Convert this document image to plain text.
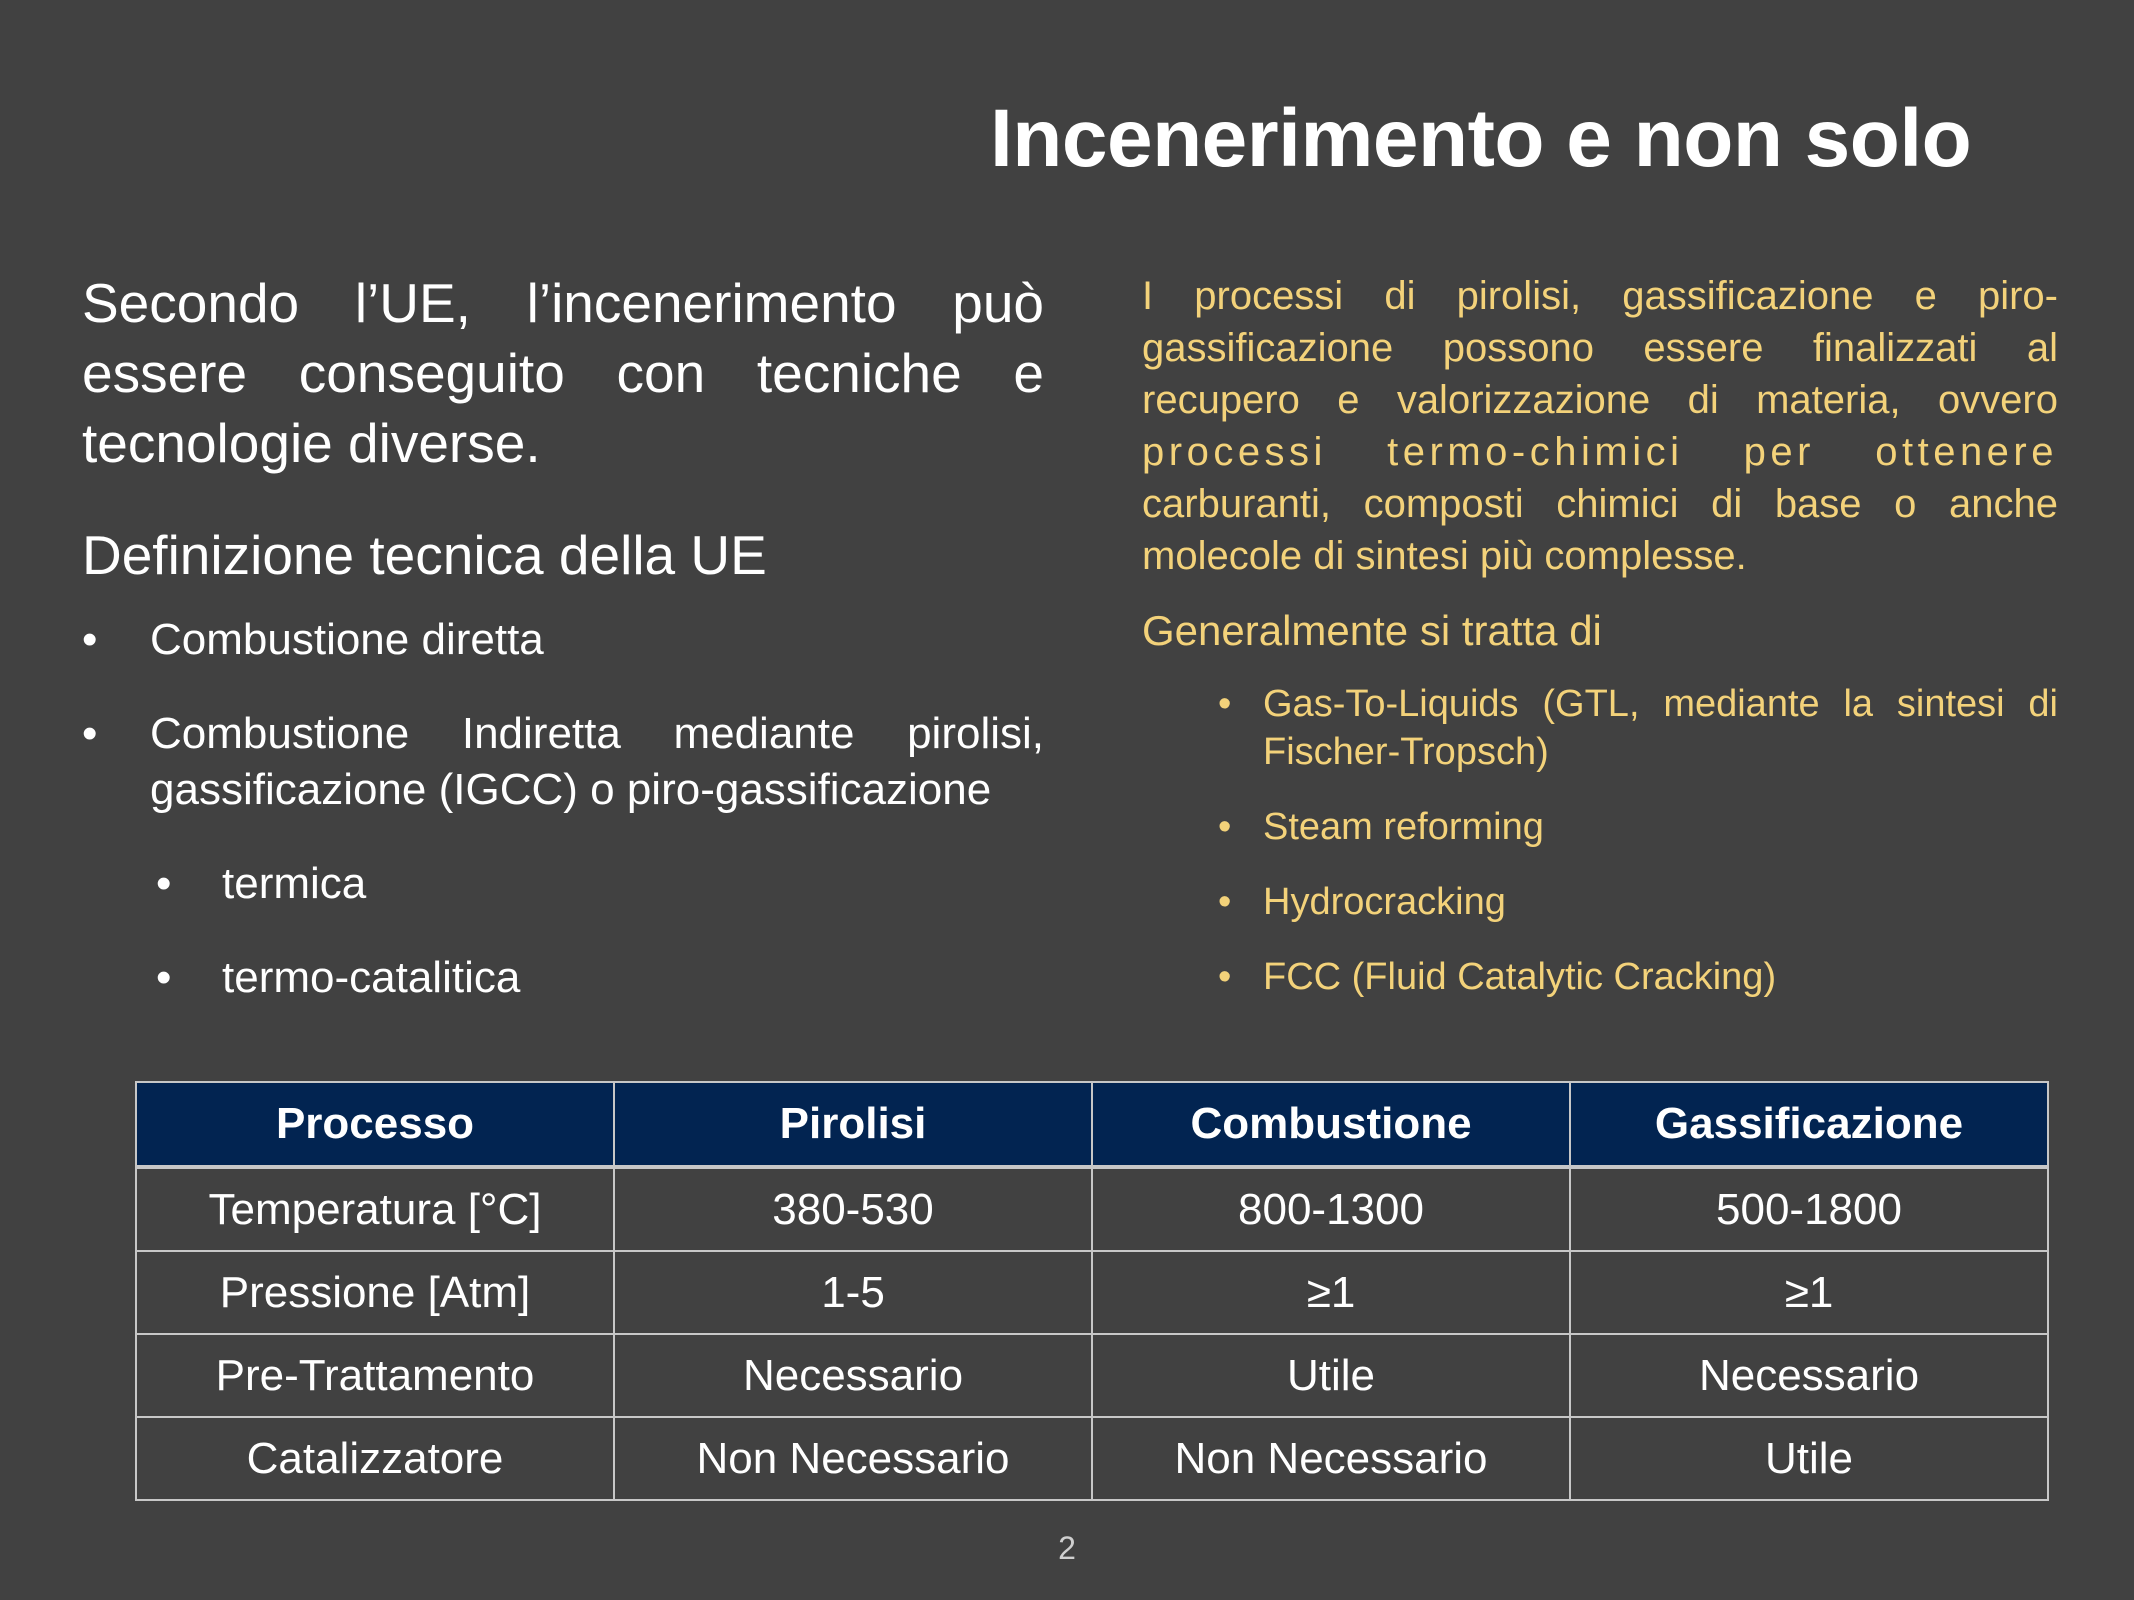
Incenerimento e non solo

Secondo l’UE, l’incenerimento può essere conseguito con tecniche e tecnologie diverse.

Definizione tecnica della UE

• Combustione diretta
• Combustione Indiretta mediante pirolisi, gassificazione (IGCC) o piro-gassificazione
• termica
• termo-catalitica

I processi di pirolisi, gassificazione e piro-gassificazione possono essere finalizzati al recupero e valorizzazione di materia, ovvero processi termo-chimici per ottenere carburanti, composti chimici di base o anche molecole di sintesi più complesse.

Generalmente si tratta di

• Gas-To-Liquids (GTL, mediante la sintesi di Fischer-Tropsch)
• Steam reforming
• Hydrocracking
• FCC (Fluid Catalytic Cracking)
Processo	Pirolisi	Combustione	Gassificazione
Temperatura [°C]	380-530	800-1300	500-1800
Pressione [Atm]	1-5	≥1	≥1
Pre-Trattamento	Necessario	Utile	Necessario
Catalizzatore	Non Necessario	Non Necessario	Utile
2
